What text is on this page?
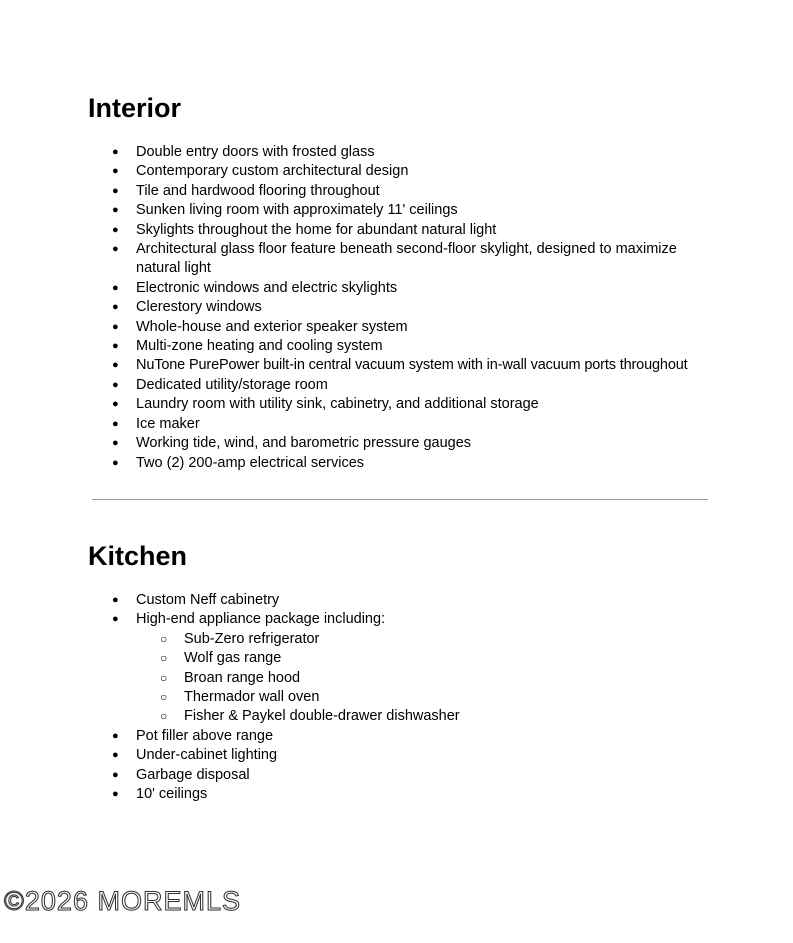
Interior
● Double entry doors with frosted glass
● Contemporary custom architectural design
● Tile and hardwood flooring throughout
● Sunken living room with approximately 11' ceilings
● Skylights throughout the home for abundant natural light
● Architectural glass floor feature beneath second-floor skylight, designed to maximize natural light
● Electronic windows and electric skylights
● Clerestory windows
● Whole-house and exterior speaker system
● Multi-zone heating and cooling system
● NuTone PurePower built-in central vacuum system with in-wall vacuum ports throughout
● Dedicated utility/storage room
● Laundry room with utility sink, cabinetry, and additional storage
● Ice maker
● Working tide, wind, and barometric pressure gauges
● Two (2) 200-amp electrical services
Kitchen
● Custom Neff cabinetry
● High-end appliance package including:
○ Sub-Zero refrigerator
○ Wolf gas range
○ Broan range hood
○ Thermador wall oven
○ Fisher & Paykel double-drawer dishwasher
● Pot filler above range
● Under-cabinet lighting
● Garbage disposal
● 10' ceilings
©2026 MOREMLS
